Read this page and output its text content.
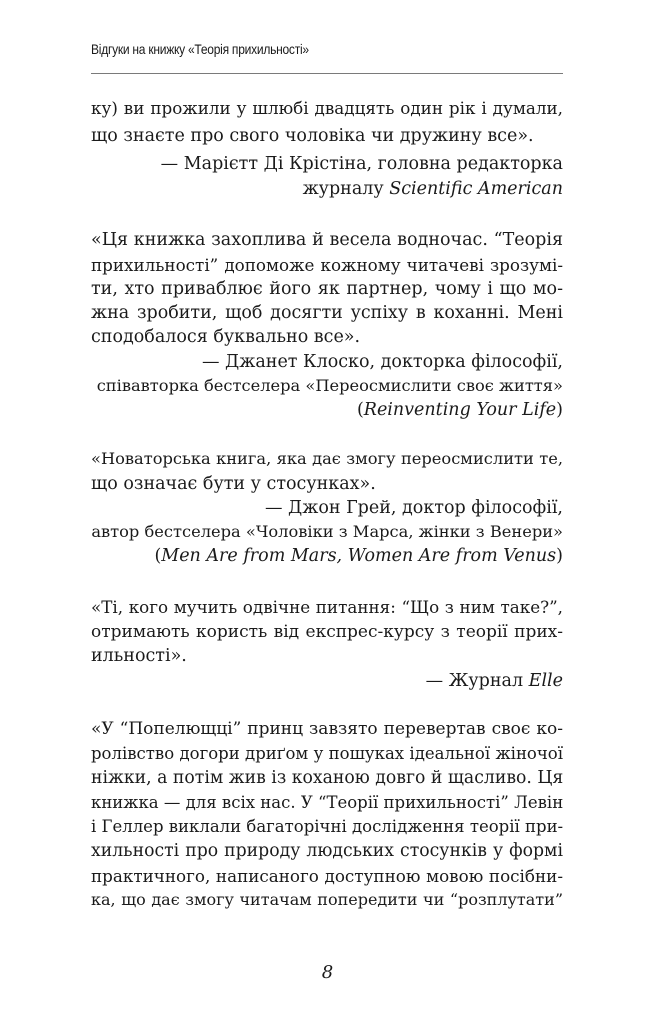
Відгуки на книжку «Теорія прихильності»
ку) ви прожили у шлюбі двадцять один рік і думали,
що знаєте про свого чоловіка чи дружину все».
— Марієтт Ді Крістіна, головна редакторка
журналу Scientific American
«Ця книжка захоплива й весела водночас. “Теорія
прихильності” допоможе кожному читачеві зрозумі-
ти, хто приваблює його як партнер, чому і що мо-
жна зробити, щоб досягти успіху в коханні. Мені
сподобалося буквально все».
— Джанет Клоско, докторка філософії,
співавторка бестселера «Переосмислити своє життя»
(Reinventing Your Life)
«Новаторська книга, яка дає змогу переосмислити те,
що означає бути у стосунках».
— Джон Грей, доктор філософії,
автор бестселера «Чоловіки з Марса, жінки з Венери»
(Men Are from Mars, Women Are from Venus)
«Ті, кого мучить одвічне питання: “Що з ним таке?”,
отримають користь від експрес-курсу з теорії прих-
ильності».
— Журнал Elle
«У “Попелющці” принц завзято перевертав своє ко-
ролівство догори дриґом у пошуках ідеальної жіночої
ніжки, а потім жив із коханою довго й щасливо. Ця
книжка — для всіх нас. У “Теорії прихильності” Левін
і Геллер виклали багаторічні дослідження теорії при-
хильності про природу людських стосунків у формі
практичного, написаного доступною мовою посібни-
ка, що дає змогу читачам попередити чи “розплутати”
8
